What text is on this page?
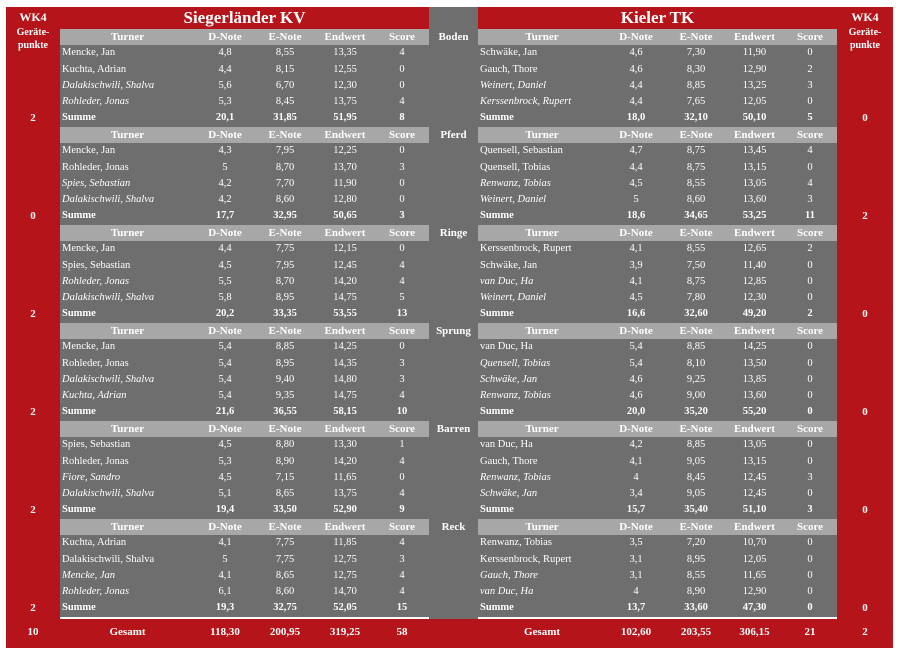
WK4
Geräte-
punkte
Siegerländer KV	Kieler TK	WK4
Geräte-
punkte
Boden
2	0
Turner	D-Note	E-Note	Endwert	Score
Mencke, Jan	4,8	8,55	13,35	4
Kuchta, Adrian	4,4	8,15	12,55	0
Dalakischwili, Shalva	5,6	6,70	12,30	0
Rohleder, Jonas	5,3	8,45	13,75	4
Summe	20,1	31,85	51,95	8
Turner	D-Note	E-Note	Endwert	Score
Schwäke, Jan	4,6	7,30	11,90	0
Gauch, Thore	4,6	8,30	12,90	2
Weinert, Daniel	4,4	8,85	13,25	3
Kerssenbrock, Rupert	4,4	7,65	12,05	0
Summe	18,0	32,10	50,10	5
Pferd
0	2
Turner	D-Note	E-Note	Endwert	Score
Mencke, Jan	4,3	7,95	12,25	0
Rohleder, Jonas	5	8,70	13,70	3
Spies, Sebastian	4,2	7,70	11,90	0
Dalakischwili, Shalva	4,2	8,60	12,80	0
Summe	17,7	32,95	50,65	3
Turner	D-Note	E-Note	Endwert	Score
Quensell, Sebastian	4,7	8,75	13,45	4
Quensell, Tobias	4,4	8,75	13,15	0
Renwanz, Tobias	4,5	8,55	13,05	4
Weinert, Daniel	5	8,60	13,60	3
Summe	18,6	34,65	53,25	11
Ringe
2	0
Turner	D-Note	E-Note	Endwert	Score
Mencke, Jan	4,4	7,75	12,15	0
Spies, Sebastian	4,5	7,95	12,45	4
Rohleder, Jonas	5,5	8,70	14,20	4
Dalakischwili, Shalva	5,8	8,95	14,75	5
Summe	20,2	33,35	53,55	13
Turner	D-Note	E-Note	Endwert	Score
Kerssenbrock, Rupert	4,1	8,55	12,65	2
Schwäke, Jan	3,9	7,50	11,40	0
van Duc, Ha	4,1	8,75	12,85	0
Weinert, Daniel	4,5	7,80	12,30	0
Summe	16,6	32,60	49,20	2
Sprung
2	0
Turner	D-Note	E-Note	Endwert	Score
Mencke, Jan	5,4	8,85	14,25	0
Rohleder, Jonas	5,4	8,95	14,35	3
Dalakischwili, Shalva	5,4	9,40	14,80	3
Kuchta, Adrian	5,4	9,35	14,75	4
Summe	21,6	36,55	58,15	10
Turner	D-Note	E-Note	Endwert	Score
van Duc, Ha	5,4	8,85	14,25	0
Quensell, Tobias	5,4	8,10	13,50	0
Schwäke, Jan	4,6	9,25	13,85	0
Renwanz, Tobias	4,6	9,00	13,60	0
Summe	20,0	35,20	55,20	0
Barren
2	0
Turner	D-Note	E-Note	Endwert	Score
Spies, Sebastian	4,5	8,80	13,30	1
Rohleder, Jonas	5,3	8,90	14,20	4
Fiore, Sandro	4,5	7,15	11,65	0
Dalakischwili, Shalva	5,1	8,65	13,75	4
Summe	19,4	33,50	52,90	9
Turner	D-Note	E-Note	Endwert	Score
van Duc, Ha	4,2	8,85	13,05	0
Gauch, Thore	4,1	9,05	13,15	0
Renwanz, Tobias	4	8,45	12,45	3
Schwäke, Jan	3,4	9,05	12,45	0
Summe	15,7	35,40	51,10	3
Reck
2	0
Turner	D-Note	E-Note	Endwert	Score
Kuchta, Adrian	4,1	7,75	11,85	4
Dalakischwili, Shalva	5	7,75	12,75	3
Mencke, Jan	4,1	8,65	12,75	4
Rohleder, Jonas	6,1	8,60	14,70	4
Summe	19,3	32,75	52,05	15
Turner	D-Note	E-Note	Endwert	Score
Renwanz, Tobias	3,5	7,20	10,70	0
Kerssenbrock, Rupert	3,1	8,95	12,05	0
Gauch, Thore	3,1	8,55	11,65	0
van Duc, Ha	4	8,90	12,90	0
Summe	13,7	33,60	47,30	0
10	Gesamt	118,30	200,95	319,25	58	Gesamt	102,60	203,55	306,15	21	2
